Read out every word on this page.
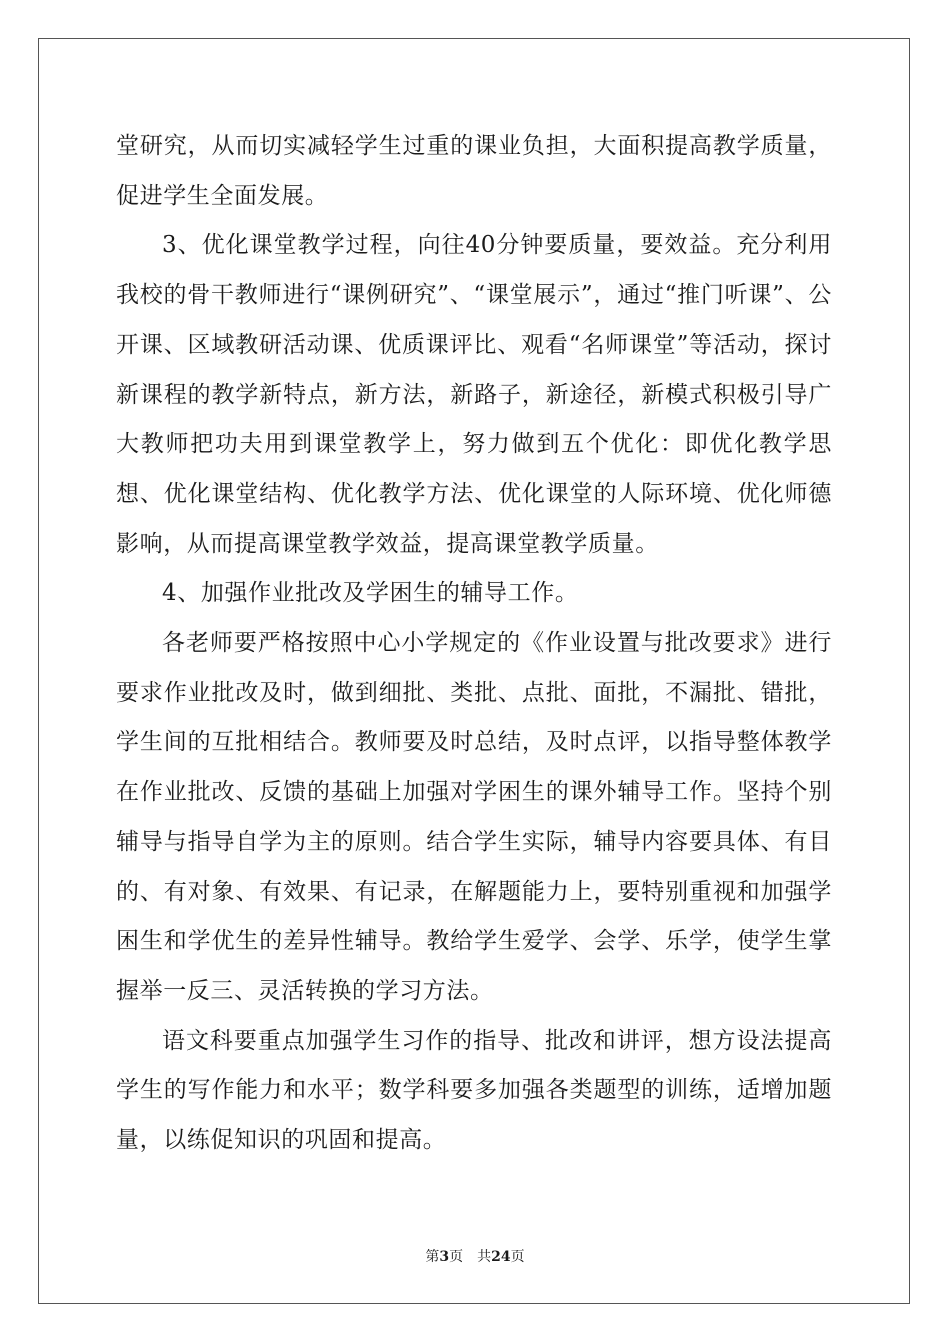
堂研究，从而切实减轻学生过重的课业负担，大面积提高教学质量，促进学生全面发展。

3、优化课堂教学过程，向往40分钟要质量，要效益。充分利用我校的骨干教师进行“课例研究”、“课堂展示”，通过“推门听课”、公开课、区域教研活动课、优质课评比、观看“名师课堂”等活动，探讨新课程的教学新特点，新方法，新路子，新途径，新模式积极引导广大教师把功夫用到课堂教学上，努力做到五个优化：即优化教学思想、优化课堂结构、优化教学方法、优化课堂的人际环境、优化师德影响，从而提高课堂教学效益，提高课堂教学质量。

4、加强作业批改及学困生的辅导工作。

各老师要严格按照中心小学规定的《作业设置与批改要求》进行要求作业批改及时，做到细批、类批、点批、面批，不漏批、错批，学生间的互批相结合。教师要及时总结，及时点评，以指导整体教学在作业批改、反馈的基础上加强对学困生的课外辅导工作。坚持个别辅导与指导自学为主的原则。结合学生实际，辅导内容要具体、有目的、有对象、有效果、有记录，在解题能力上，要特别重视和加强学困生和学优生的差异性辅导。教给学生爱学、会学、乐学，使学生掌握举一反三、灵活转换的学习方法。

语文科要重点加强学生习作的指导、批改和讲评，想方设法提高学生的写作能力和水平；数学科要多加强各类题型的训练，适增加题量，以练促知识的巩固和提高。

第3页 共24页
